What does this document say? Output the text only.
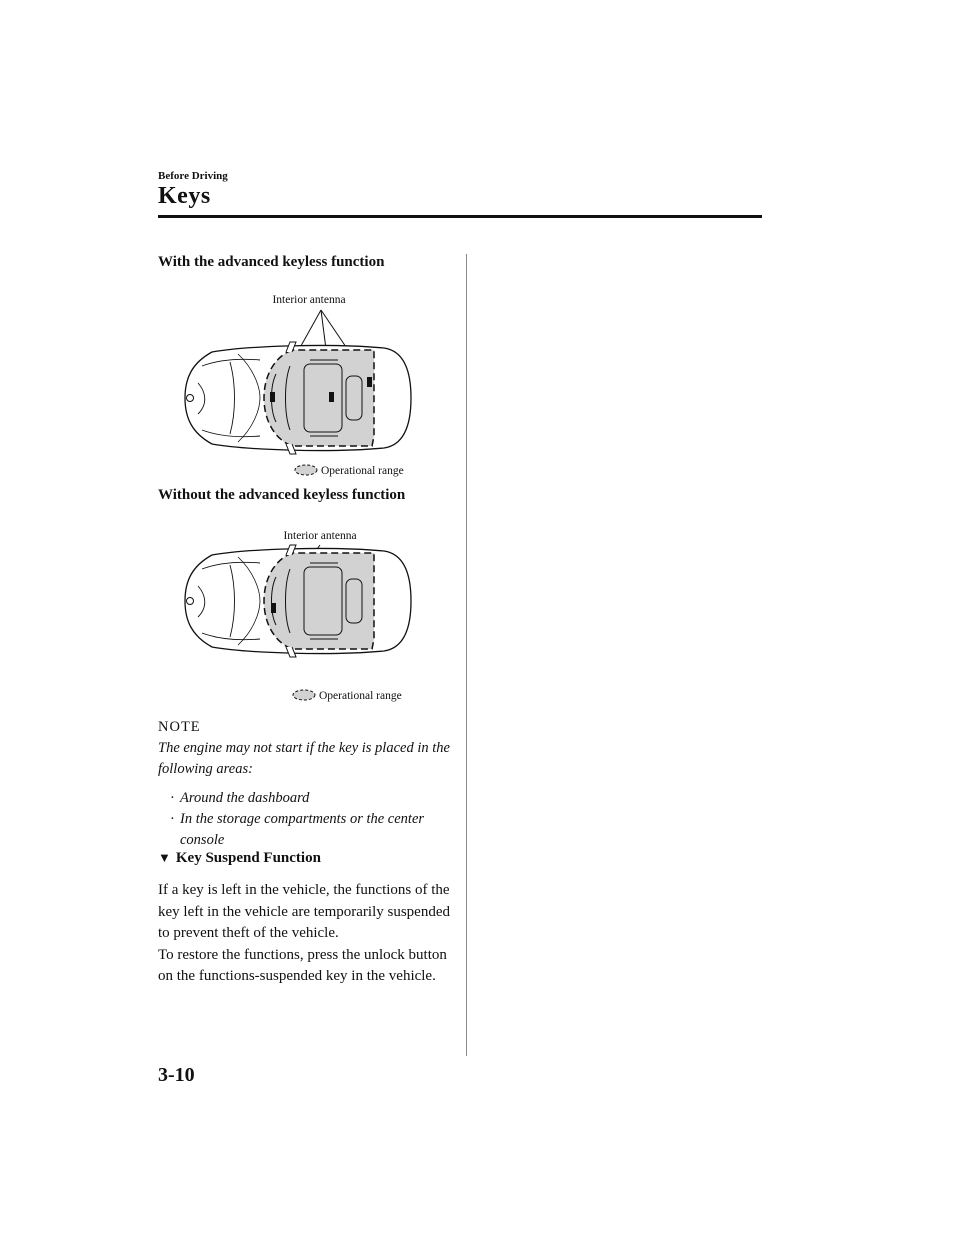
Before Driving
Keys
With the advanced keyless function
Interior antenna
Operational range
Without the advanced keyless function
Interior antenna
Operational range
NOTE
The engine may not start if the key is placed in the following areas:
· Around the dashboard
· In the storage compartments or the center console
▼ Key Suspend Function

If a key is left in the vehicle, the functions of the key left in the vehicle are temporarily suspended to prevent theft of the vehicle.

To restore the functions, press the unlock button on the functions-suspended key in the vehicle.

3-10
